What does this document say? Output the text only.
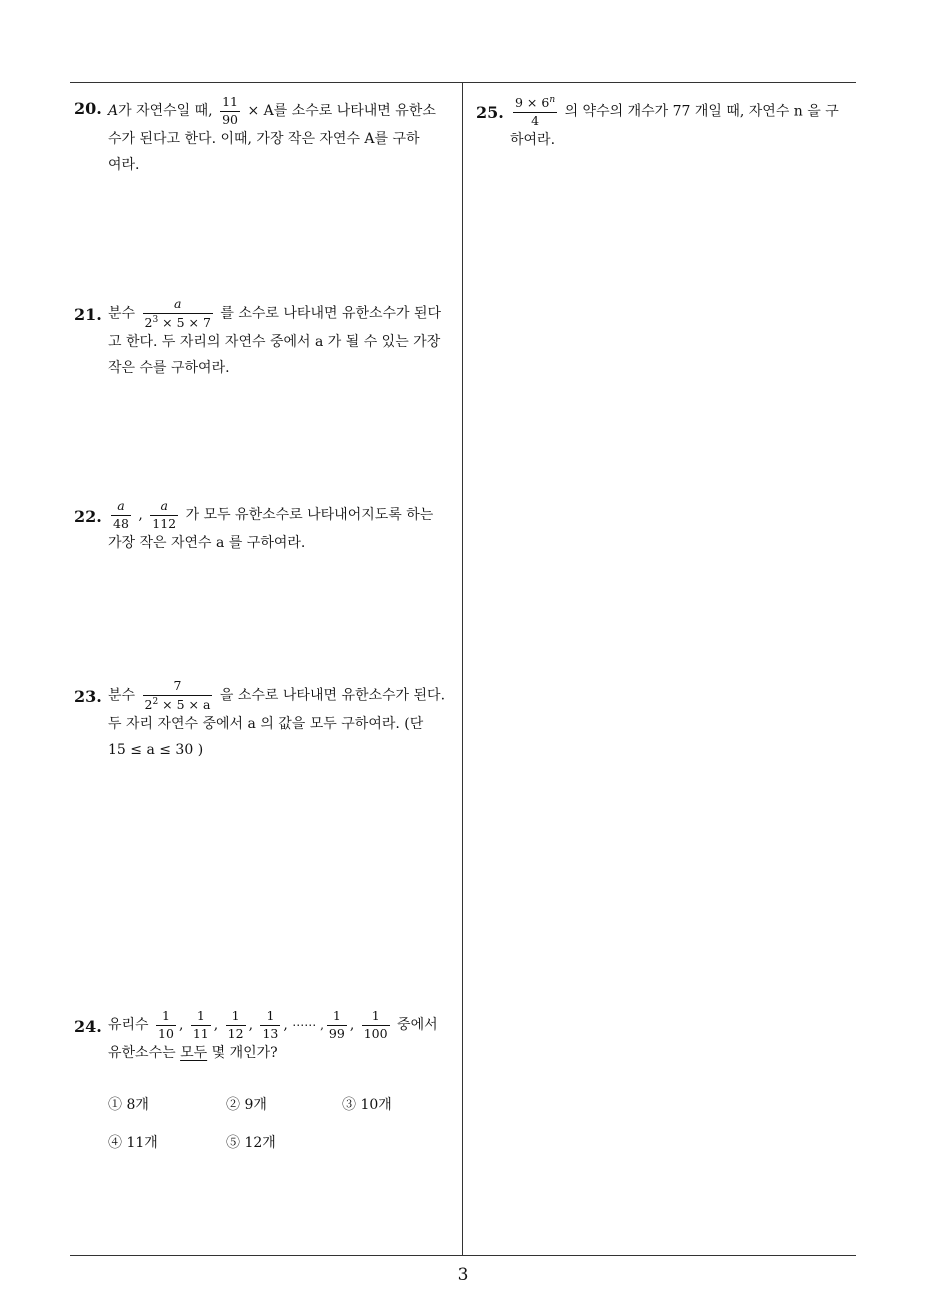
20. A가 자연수일 때, $\frac{11}{90} \times A$를 소수로 나타내면 유한소
수가 된다고 한다. 이때, 가장 작은 자연수 A를 구하
여라.
21. 분수 $\frac{a}{2^3 \times 5 \times 7}$ 를 소수로 나타내면 유한소수가 된다
고 한다. 두 자리의 자연수 중에서 a 가 될 수 있는 가장
작은 수를 구하여라.
22. $\frac{a}{48}$ , $\frac{a}{112}$ 가 모두 유한소수로 나타내어지도록 하는
가장 작은 자연수 a 를 구하여라.
23. 분수 $\frac{7}{2^2 \times 5 \times a}$ 을 소수로 나타내면 유한소수가 된다.
두 자리 자연수 중에서 a 의 값을 모두 구하여라. (단
15 ≤ a ≤ 30 )
24. 유리수 $\frac{1}{10}$ , $\frac{1}{11}$ , $\frac{1}{12}$ , $\frac{1}{13}$ , ⋯⋯ , $\frac{1}{99}$ , $\frac{1}{100}$ 중에서
유한소수는 모두 몇 개인가?
① 8개	② 9개	③ 10개
④ 11개	⑤ 12개
25. $\frac{9 \times 6^n}{4}$ 의 약수의 개수가 77 개일 때, 자연수 n 을 구
하여라.
3
